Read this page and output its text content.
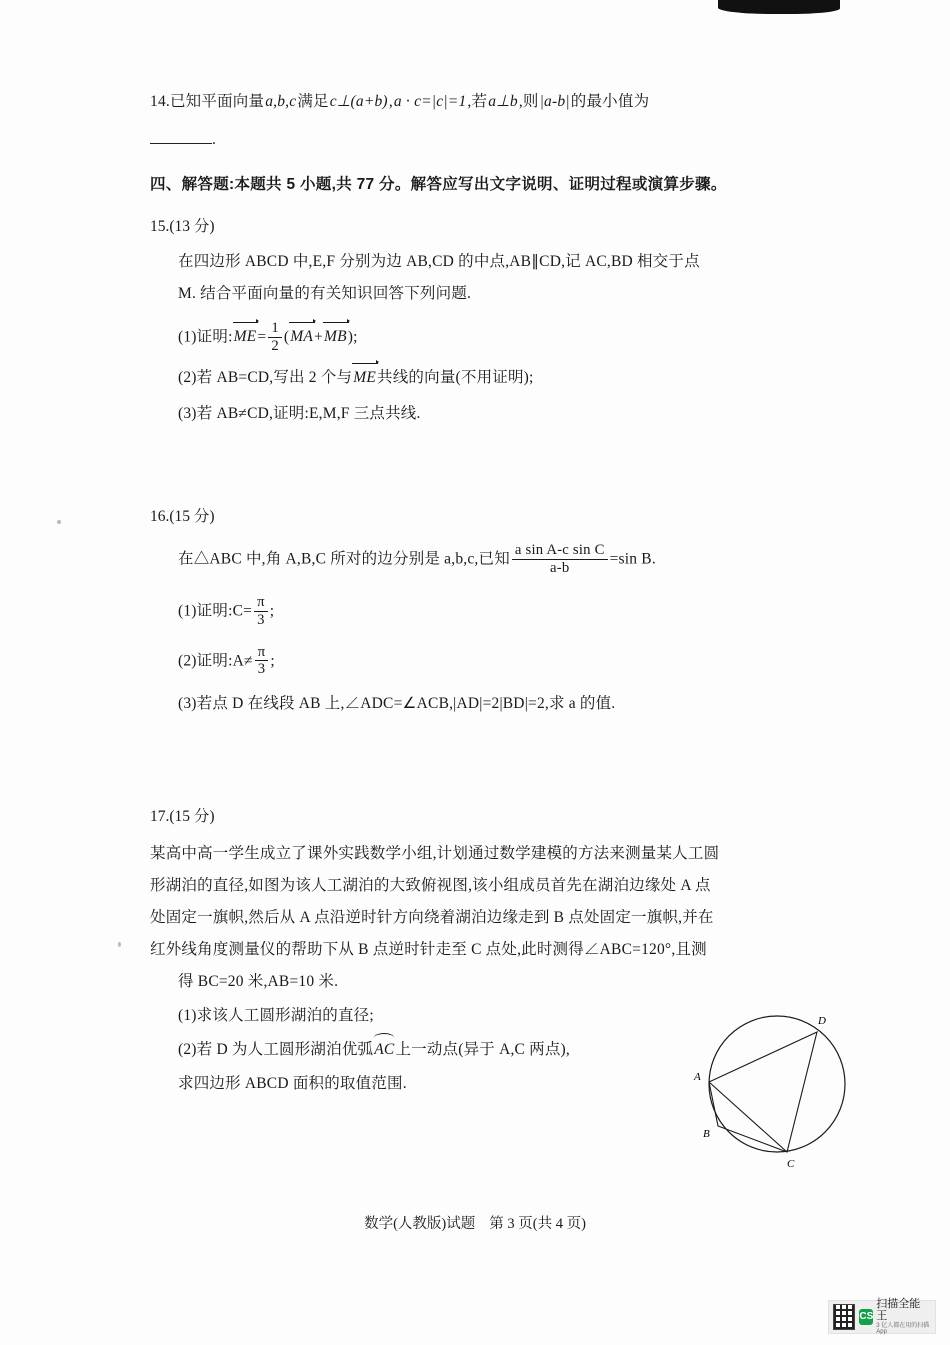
14.已知平面向量a,b,c满足c⊥(a+b),a · c=|c|=1,若a⊥b,则|a-b|的最小值为

.

四、解答题:本题共 5 小题,共 77 分。解答应写出文字说明、证明过程或演算步骤。

15.(13 分)

在四边形 ABCD 中,E,F 分别为边 AB,CD 的中点,AB∥CD,记 AC,BD 相交于点

M. 结合平面向量的有关知识回答下列问题.

(1)证明:ME= $\frac{1}{2} (MA+MB)$;

(2)若 AB=CD,写出 2 个与ME共线的向量(不用证明);

(3)若 AB≠CD,证明:E,M,F 三点共线.

16.(15 分)

在△ABC 中,角 A,B,C 所对的边分别是 a,b,c,已知 $\frac{\text{a sin A-c sin C}}{a-b} =\sin$ B.

(1)证明:C= $\frac{\pi}{3}$ ;

(2)证明:A≠ $\frac{\pi}{3}$ ;

(3)若点 D 在线段 AB 上,∠ADC=∠ACB,|AD|=2|BD|=2,求 a 的值.

17.(15 分)

某高中高一学生成立了课外实践数学小组,计划通过数学建模的方法来测量某人工圆

形湖泊的直径,如图为该人工湖泊的大致俯视图,该小组成员首先在湖泊边缘处 A 点

处固定一旗帜,然后从 A 点沿逆时针方向绕着湖泊边缘走到 B 点处固定一旗帜,并在

红外线角度测量仪的帮助下从 B 点逆时针走至 C 点处,此时测得∠ABC=120°,且测

得 BC=20 米,AB=10 米.

(1)求该人工圆形湖泊的直径;

(2)若 D 为人工圆形湖泊优弧AC上一动点(异于 A,C 两点),

求四边形 ABCD 面积的取值范围.	A
B
C
D
数学(人教版)试题 第 3 页(共 4 页)
CS
扫描全能王
3 亿人都在用的扫描 App
